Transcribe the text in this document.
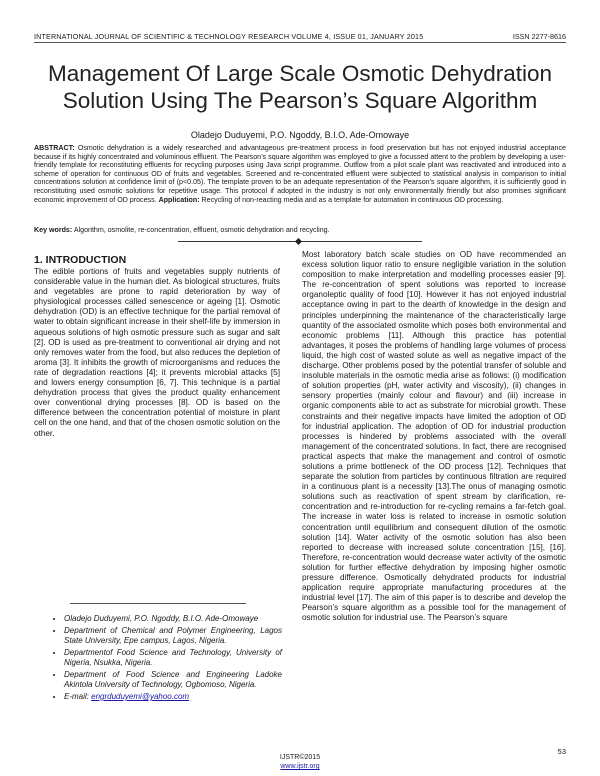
INTERNATIONAL JOURNAL OF SCIENTIFIC & TECHNOLOGY RESEARCH VOLUME 4, ISSUE 01, JANUARY 2015	ISSN 2277-8616
Management Of Large Scale Osmotic Dehydration
Solution Using The Pearson’s Square Algorithm
Oladejo Duduyemi, P.O. Ngoddy, B.I.O. Ade-Omowaye
ABSTRACT: Osmotic dehydration is a widely researched and advantageous pre-treatment process in food preservation but has not enjoyed industrial acceptance because if its highly concentrated and voluminous effluent. The Pearson’s square algorithm was employed to give a focussed attent to the problem by developing a user-friendly template for reconstituting effluents for recycling purposes using Java script programme. Outflow from a pilot scale plant was reactivated and introduced into a scheme of operation for continuous OD of fruits and vegetables. Screened and re-concentrated effluent were subjected to statistical analysis in comparison to initial concentrations solution at confidence limit of (p<0.05). The template proven to be an adequate representation of the Pearson’s square algorithm, it is sufficiently good in reconstituting used osmotic solutions for repetitive usage. This protocol if adopted in the industry is not only environmentally friendly but also promises significant economic improvement of OD process. Application: Recycling of non-reacting media and as a template for automation in continuous OD processing.
Key words: Algorithm, osmolite, re-concentration, effluent, osmotic dehydration and recycling.

1. INTRODUCTION

The edible portions of fruits and vegetables supply nutrients of considerable value in the human diet. As biological structures, fruits and vegetables are prone to rapid deterioration by way of physiological processes called senescence or ageing [1]. Osmotic dehydration (OD) is an effective technique for the partial removal of water to obtain significant increase in their shelf-life by immersion in aqueous solutions of high osmotic pressure such as sugar and salt [2]. OD is used as pre-treatment to conventional air drying and not only removes water from the food, but also reduces the depletion of aroma [3]. It inhibits the growth of microorganisms and reduces the rate of degradation reactions [4]; it prevents microbial attacks [5] and lowers energy consumption [6, 7]. This technique is a partial dehydration process that gives the product quality enhancement over conventional drying processes [8]. OD is based on the difference between the concentration potential of moisture in plant cell on the one hand, and that of the chosen osmotic solution on the other.

Most laboratory batch scale studies on OD have recommended an excess solution liquor ratio to ensure negligible variation in the solution composition to make interpretation and modelling processes easier [9]. The re-concentration of spent solutions was reported to increase organoleptic quality of food [10]. However it has not enjoyed industrial acceptance owing in part to the dearth of knowledge in the design and principles underpinning the maintenance of the characteristically large quantity of the associated osmolite which poses both environmental and economic problems [11]. Although this practice has potential advantages, it poses the problems of handling large volumes of process liquid, the high cost of wasted solute as well as negative impact of the discharge. Other problems posed by the potential transfer of soluble and insoluble materials in the osmotic media arise as follows: (i) modification of solution properties (pH, water activity and viscosity), (ii) changes in sensory properties (mainly colour and flavour) and (iii) increase in organic components able to act as substrate for microbial growth. These constraints and their negative impacts have limited the adoption of OD for industrial application. The adoption of OD for industrial production processes is hindered by problems associated with the overall management of the concentrated solutions. In fact, there are recognised practical aspects that make the management and control of osmotic solutions a prime bottleneck of the OD process [12]. Techniques that separate the solution from particles by continuous filtration are required in a continuous plant is a necessity [13].The onus of managing osmotic solutions such as reactivation of spent stream by clarification, re-concentration and re-introduction for re-cycling remains a far-fetch goal. The increase in water loss is related to increase in osmotic solution concentration until equilibrium and consequent dilution of the osmotic solution [14]. Water activity of the osmotic solution has also been reported to decrease with increased solute concentration [15], [16]. Therefore, re-concentration would decrease water activity of the osmotic solution for further effective dehydration by imposing higher osmotic pressure difference. Osmotically dehydrated products for industrial application require appropriate manufacturing procedures at the industrial level [17]. The aim of this paper is to describe and develop the Pearson’s square algorithm as a possible tool for the management of osmotic solution for industrial use. The Pearson’s square

• Oladejo Duduyemi, P.O. Ngoddy, B.I.O. Ade-Omowaye
• Department of Chemical and Polymer Engineering, Lagos State University, Epe campus, Lagos, Nigeria.
• Departmentof Food Science and Technology, University of Nigeria, Nsukka, Nigeria.
• Department of Food Science and Engineering Ladoke Akintola University of Technology, Ogbomoso, Nigeria.
• E-mail: engrduduyemi@yahoo.com
53
IJSTR©2015
www.ijstr.org
